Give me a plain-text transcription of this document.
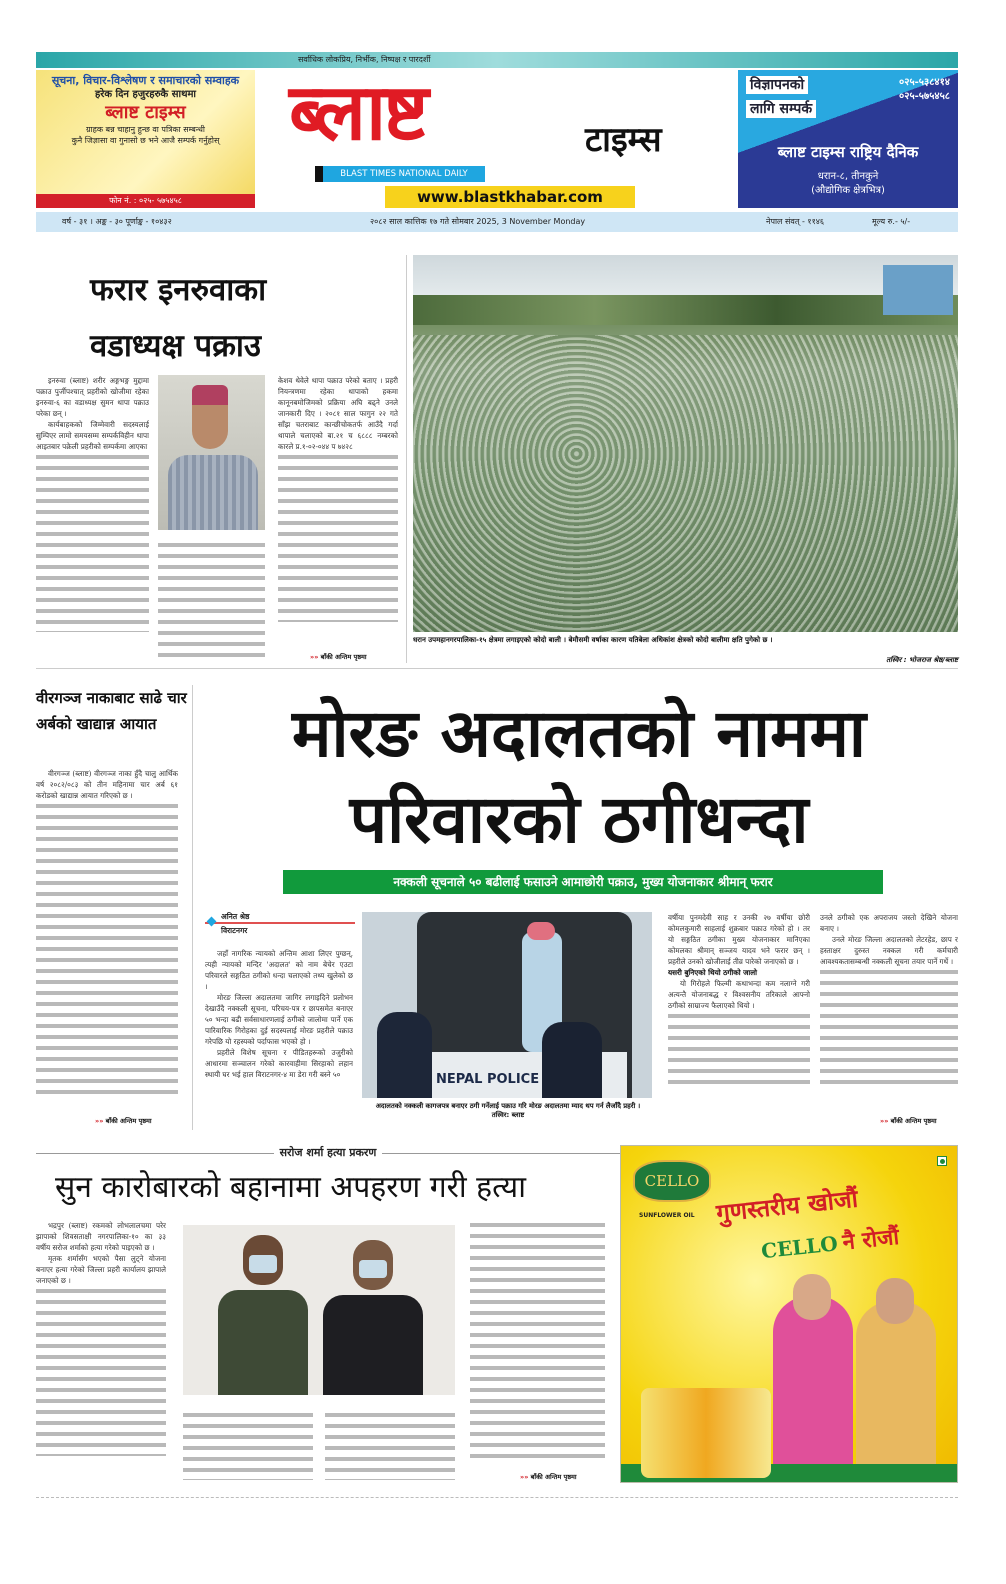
सर्वाधिक लोकप्रिय, निर्भीक, निष्पक्ष र पारदर्शी
सूचना, विचार-विश्लेषण र समाचारको सम्वाहक
हरेक दिन हजुरहरुकै साथमा
ब्लाष्ट टाइम्स
ग्राहक बन्न चाहानु हुन्छ वा पत्रिका सम्बन्धी
कुनै जिज्ञासा वा गुनासो छ भने आजै सम्पर्क गर्नुहोस्
फोन नं. : ०२५- ५७५४५८
ब्लाष्ट	टाइम्स
BLAST TIMES NATIONAL DAILY
www.blastkhabar.com
विज्ञापनको
लागि सम्पर्क
०२५-५३८४१४
०२५-५७५४५८
ब्लाष्ट टाइम्स राष्ट्रिय दैनिक
धरान-८, तीनकुने
(औद्योगिक क्षेत्रभित्र)
वर्ष - ३१ । अङ्क - ३० पूर्णाङ्क - १०४३२	२०८२ साल कात्तिक १७ गते सोमबार 2025, 3 November Monday	नेपाल संवत् - ११४६	मूल्य रु.- ५/-
फरार इनरुवाका
वडाध्यक्ष पक्राउ

इनरुवा (ब्लाष्ट) शरीर अङ्गभङ्ग मुद्दामा पक्राउ पुर्जीपश्चात् प्रहरीको खोजीमा रहेका इनरुवा-६ का वडाध्यक्ष सुमन थापा पक्राउ परेका छन् ।

कार्यबाहकको जिम्मेवारी सदस्यलाई सुम्पिएर लामो समयसम्म सम्पर्कविहीन थापा आइतबार पक्रेली प्रहरीको सम्पर्कमा आएका

केशव थेवेले थापा पक्राउ परेको बताए । प्रहरी नियन्त्रणमा रहेका थापाको हकमा कानूनबमोजिमको प्रक्रिया अघि बढ्ने उनले जानकारी दिए । २०८१ साल फागुन २२ गते साँझ चतराबाट कान्छीचोकतर्फ आउँदै गर्दा थापाले चलाएको बा.२१ च ६८८८ नम्बरको कारले प्र.१-०२-०४४ प ७४२८

»» बाँकी अन्तिम पृष्ठमा
धरान उपमहानगरपालिका-१५ क्षेत्रमा लगाइएको कोदो बाली । बेमौसमी वर्षाका कारण यतिबेला अधिकांश क्षेत्रको कोदो बालीमा क्षति पुगेको छ ।
तस्विर : भोजराज श्रेष्ठ/ब्लाष्ट
वीरगञ्ज नाकाबाट साढे चार अर्बको खाद्यान्न आयात

वीरगञ्ज (ब्लाष्ट) वीरगञ्ज नाका हुँदै चालु आर्थिक वर्ष २०८२/०८३ को तीन महिनामा चार अर्ब ६१ करोडको खाद्यान्न आयात गरिएको छ ।

»» बाँकी अन्तिम पृष्ठमा
मोरङ अदालतको नाममा
परिवारको ठगीधन्दा
नक्कली सूचनाले ५० बढीलाई फसाउने आमाछोरी पक्राउ, मुख्य योजनाकार श्रीमान् फरार
अनित श्रेष्ठ
विराटनगर

जहाँ नागरिक न्यायको अन्तिम आशा लिएर पुग्छन्, त्यही न्यायको मन्दिर 'अदालत' को नाम बेचेर एउटा परिवारले सङ्गठित ठगीको धन्दा चलाएको तथ्य खुलेको छ ।

मोरङ जिल्ला अदालतमा जागिर लगाइदिने प्रलोभन देखाउँदै नक्कली सूचना, परिचय-पत्र र छापसमेत बनाएर ५० भन्दा बढी सर्वसाधारणलाई ठगीको जालोमा पार्ने एक पारिवारिक गिरोहका दुई सदस्यलाई मोरङ प्रहरीले पक्राउ गरेपछि यो रहस्यको पर्दाफास भएको हो ।

प्रहरीले विशेष सूचना र पीडितहरूको उजुरीको आधारमा सञ्चालन गरेको कारवाहीमा सिरहाको लहान स्थायी घर भई हाल विराटनगर-४ मा डेरा गरी बस्ने ५०	NEPAL POLICE
अदालतको नक्कली कागजपत्र बनाएर ठगी गर्नेलाई पक्राउ गरि मोरङ अदालतमा म्याद थप गर्न लैजाँदै प्रहरी । तस्विर: ब्लाष्ट

वर्षीया पुनमदेवी साह र उनकी २७ वर्षीया छोरी कोमलकुमारी साहलाई शुक्रबार पक्राउ गरेको हो । तर यो सङ्गठित ठगीका मुख्य योजनाकार मानिएका कोमलका श्रीमान् सञ्जय यादव भने फरार छन् । प्रहरीले उनको खोजीलाई तीव्र पारेको जनाएको छ ।

यसरी बुनिएको थियो ठगीको जालो

यो गिरोहले फिल्मी कथाभन्दा कम नलाग्ने गरी अत्यन्तै योजनाबद्ध र विश्वसनीय तरिकाले आफ्नो ठगीको साम्राज्य फैलाएको थियो ।

उनले ठगीको एक अपराजय जस्तो देखिने योजना बनाए ।

उनले मोरङ जिल्ला अदालतको लेटरहेड, छाप र हस्ताक्षर दुरुस्त नक्कल गरी कर्मचारी आवश्यकतासम्बन्धी नक्कली सूचना तयार पार्ने गर्थे ।

»» बाँकी अन्तिम पृष्ठमा
सरोज शर्मा हत्या प्रकरण
सुन कारोबारको बहानामा अपहरण गरी हत्या

भद्रपुर (ब्लाष्ट) रकमको लोभलालचमा परेर झापाको शिवसताक्षी नगरपालिका-१० का ३३ वर्षीय सरोज शर्माको हत्या गरेको पाइएको छ ।

मृतक शर्मासँग भएको पैसा लुट्ने योजना बनाएर हत्या गरेको जिल्ला प्रहरी कार्यालय झापाले जनाएको छ ।

»» बाँकी अन्तिम पृष्ठमा
CELLO
SUNFLOWER OIL गुणस्तरीय खोजौं
CELLO नै रोजौं
